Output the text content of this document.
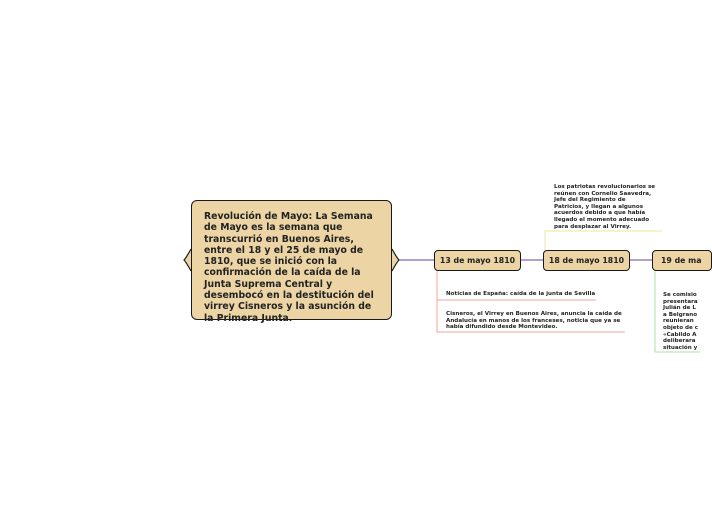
Revolución de Mayo: La Semana de Mayo es la semana que transcurrió en Buenos Aires, entre el 18 y el 25 de mayo de 1810, que se inició con la confirmación de la caída de la Junta Suprema Central y desembocó en la destitución del virrey Cisneros y la asunción de la Primera Junta.
13 de mayo 1810	18 de mayo 1810	19 de ma
Noticias de España: caída de la junta de Sevilla
Cisneros, el Virrey en Buenos Aires, anuncia la caída de Andalucía en manos de los franceses, noticia que ya se había difundido desde Montevideo.
Los patriotas revolucionarios se reúnen con Cornelio Saavedra, Jefe del Regimiento de Patricios, y llegan a algunos acuerdos debido a que había llegado el momento adecuado para desplazar al Virrey.
Se comisio
presentara
Julián de L
a Belgrano
reunieran
objeto de c
«Cabildo A
deliberara
situación y
